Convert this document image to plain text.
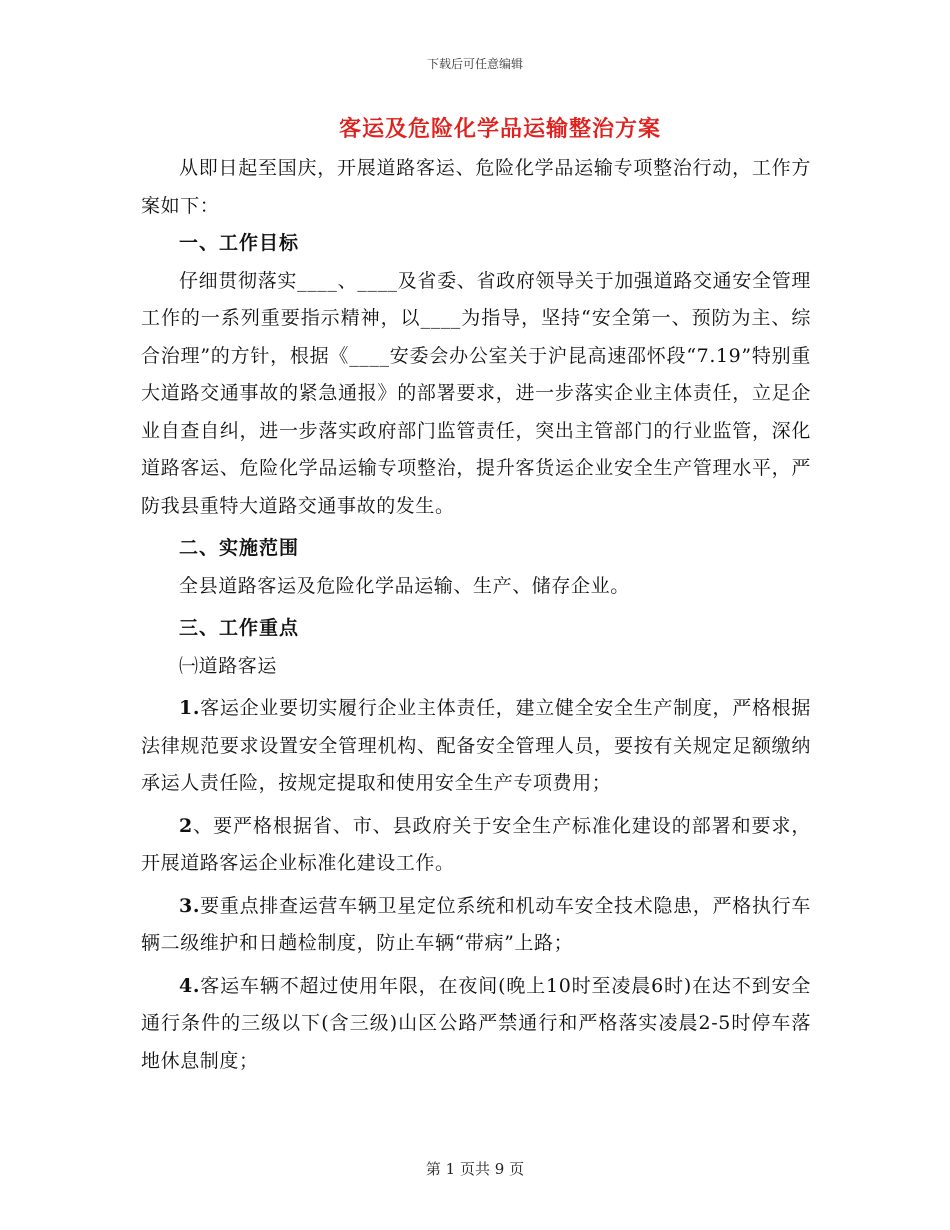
下载后可任意编辑
客运及危险化学品运输整治方案

从即日起至国庆，开展道路客运、危险化学品运输专项整治行动，工作方案如下：

一、工作目标

仔细贯彻落实____、____及省委、省政府领导关于加强道路交通安全管理工作的一系列重要指示精神，以____为指导，坚持“安全第一、预防为主、综合治理”的方针，根据《____安委会办公室关于沪昆高速邵怀段“7.19”特别重大道路交通事故的紧急通报》的部署要求，进一步落实企业主体责任，立足企业自查自纠，进一步落实政府部门监管责任，突出主管部门的行业监管，深化道路客运、危险化学品运输专项整治，提升客货运企业安全生产管理水平，严防我县重特大道路交通事故的发生。

二、实施范围

全县道路客运及危险化学品运输、生产、储存企业。

三、工作重点

㈠道路客运

1.客运企业要切实履行企业主体责任，建立健全安全生产制度，严格根据法律规范要求设置安全管理机构、配备安全管理人员，要按有关规定足额缴纳承运人责任险，按规定提取和使用安全生产专项费用；

2、要严格根据省、市、县政府关于安全生产标准化建设的部署和要求，开展道路客运企业标准化建设工作。

3.要重点排查运营车辆卫星定位系统和机动车安全技术隐患，严格执行车辆二级维护和日趟检制度，防止车辆“带病”上路；

4.客运车辆不超过使用年限，在夜间(晚上10时至凌晨6时)在达不到安全通行条件的三级以下(含三级)山区公路严禁通行和严格落实凌晨2-5时停车落地休息制度；

第 1 页共 9 页
